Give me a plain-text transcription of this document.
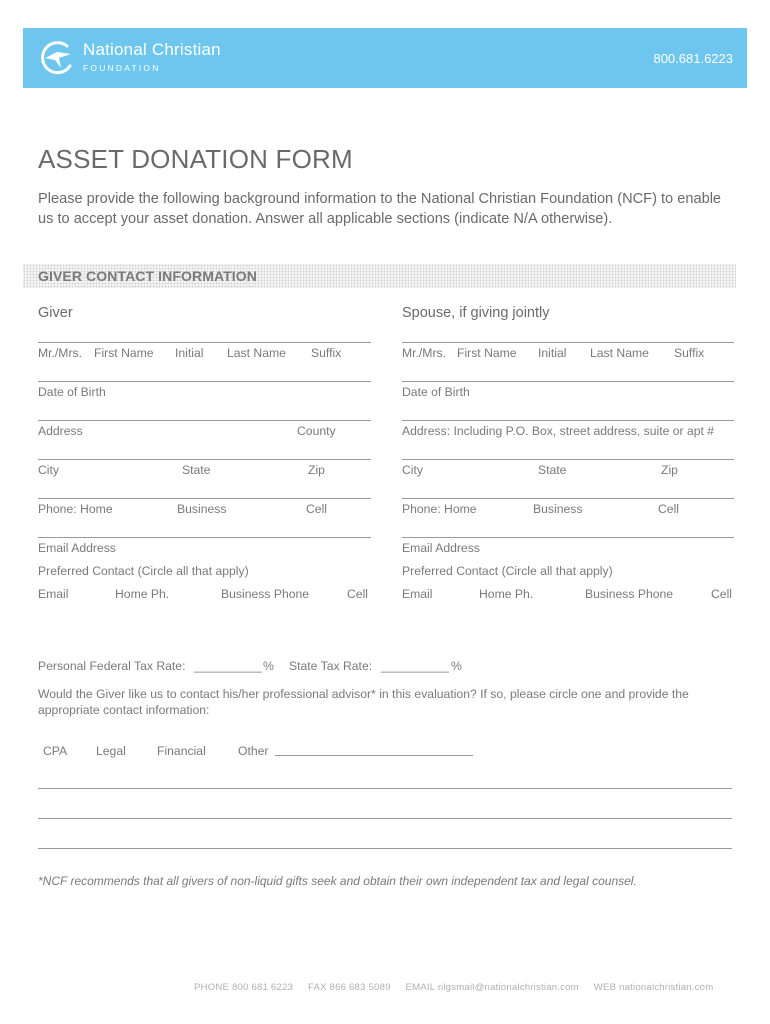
National Christian
FOUNDATION
800.681.6223
ASSET DONATION FORM
Please provide the following background information to the National Christian Foundation (NCF) to enable us to accept your asset donation. Answer all applicable sections (indicate N/A otherwise).
GIVER CONTACT INFORMATION
Giver	Spouse, if giving jointly
Mr./Mrs. First Name Initial Last Name Suffix
Date of Birth
Address	County
City	State	Zip
Phone: Home	Business	Cell
Email Address
Preferred Contact (Circle all that apply)
Email	Home Ph.	Business Phone	Cell
Mr./Mrs. First Name Initial Last Name Suffix
Date of Birth
Address: Including P.O. Box, street address, suite or apt #
City	State	Zip
Phone: Home	Business	Cell
Email Address
Preferred Contact (Circle all that apply)
Email	Home Ph.	Business Phone	Cell
Personal Federal Tax Rate: __________ % State Tax Rate: __________ %
Would the Giver like us to contact his/her professional advisor* in this evaluation? If so, please circle one and provide the appropriate contact information:
CPA Legal	Financial	Other
*NCF recommends that all givers of non-liquid gifts seek and obtain their own independent tax and legal counsel.
PHONE 800 681 6223 FAX 866 683 5089 EMAIL nlgsmail@nationalchristian.com WEB nationalchristian.com
